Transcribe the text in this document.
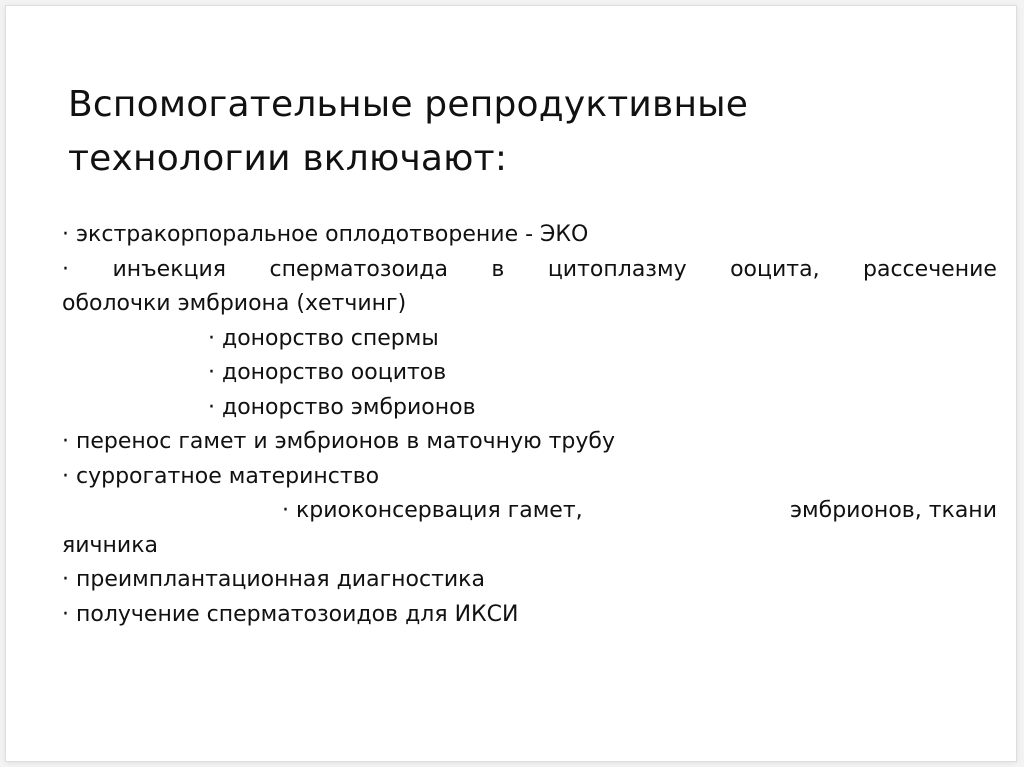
Вспомогательные репродуктивные
технологии включают:
· экстракорпоральное оплодотворение - ЭКО
· инъекция сперматозоида в цитоплазму ооцита, рассечение
оболочки эмбриона (хетчинг)
· донорство спермы
· донорство ооцитов
· донорство эмбрионов
· перенос гамет и эмбрионов в маточную трубу
· суррогатное материнство
· криоконсервация гамет,	эмбрионов, ткани
яичника
· преимплантационная диагностика
· получение сперматозоидов для ИКСИ
